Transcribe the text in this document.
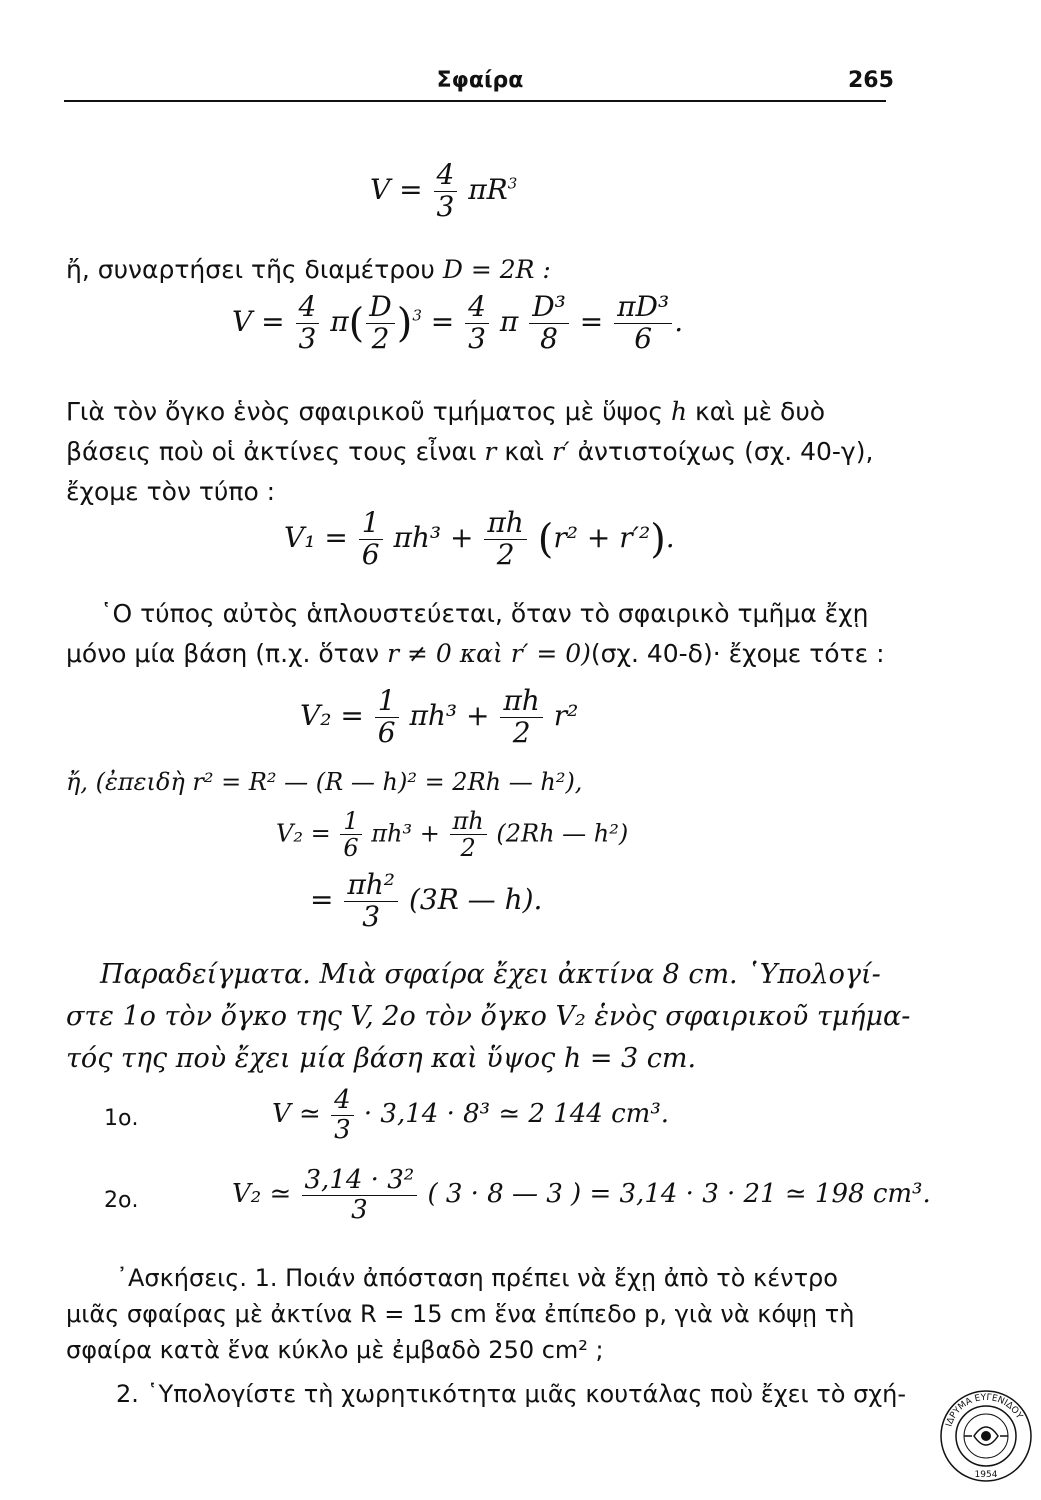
Σφαίρα	265
$V = \frac{4}{3} \pi R^3$
ἤ, συναρτήσει τῆς διαμέτρου D = 2R :
$V = \frac{4}{3} \pi( \frac{D}{2} )^3 = \frac{4}{3}$ π $\frac{\text{D³}}{8} = \frac{\text{πD³}}{6}$ .
Γιὰ τὸν ὄγκο ἑνὸς σφαιρικοῦ τμήματος μὲ ὕψος h καὶ μὲ δυὸ
βάσεις ποὺ οἱ ἀκτίνες τους εἶναι r καὶ r′ ἀντιστοίχως (σχ. 40-γ),
ἔχομε τὸν τύπο :
$V_1 = \frac{1}{6} \pi h^3 + \frac{\pi h}{2} (r^2 + r'^2)$.
῾Ο τύπος αὐτὸς ἁπλουστεύεται, ὅταν τὸ σφαιρικὸ τμῆμα ἔχῃ
μόνο μία βάση (π.χ. ὅταν r ≠ 0 καὶ r′ = 0)(σχ. 40-δ)· ἔχομε τότε :
$V_2 = \frac{1}{6} \pi h^3 + \frac{\pi h}{2} r^2$
ἤ, (ἐπειδὴ r² = R² — (R — h)² = 2Rh — h²),
$V_2 = \frac{1}{6} \pi h^3 + \frac{\pi h}{2} (2Rh$ — h²)
= $\frac{\text{πh²}}{3} (3R$ — h).
Παραδείγματα. Μιὰ σφαίρα ἔχει ἀκτίνα 8 cm. ῾Υπολογί-
στε 1ο τὸν ὄγκο της V, 2ο τὸν ὄγκο V₂ ἑνὸς σφαιρικοῦ τμήμα-
τός της ποὺ ἔχει μία βάση καὶ ὕψος h = 3 cm.
1ο.	V ≃ $\frac{4}{3} \cdot 3,14 \cdot 8^3$ ≃ 2 144 cm³.
2ο.	V₂ ≃ $\frac{\text{3,14 · 3²}}{3}$ ( 3 · 8 — 3 ) = 3,14 · 3 · 21 ≃ 198 cm³.
᾿Ασκήσεις. 1. Ποιάν ἀπόσταση πρέπει νὰ ἔχῃ ἀπὸ τὸ κέντρο
μιᾶς σφαίρας μὲ ἀκτίνα R = 15 cm ἕνα ἐπίπεδο p, γιὰ νὰ κόψῃ τὴ
σφαίρα κατὰ ἕνα κύκλο μὲ ἐμβαδὸ 250 cm² ;
2. ῾Υπολογίστε τὴ χωρητικότητα μιᾶς κουτάλας ποὺ ἔχει τὸ σχή-
ΙΔΡΥΜΑ ΕΥΓΕΝΙΔΟΥ
1954
